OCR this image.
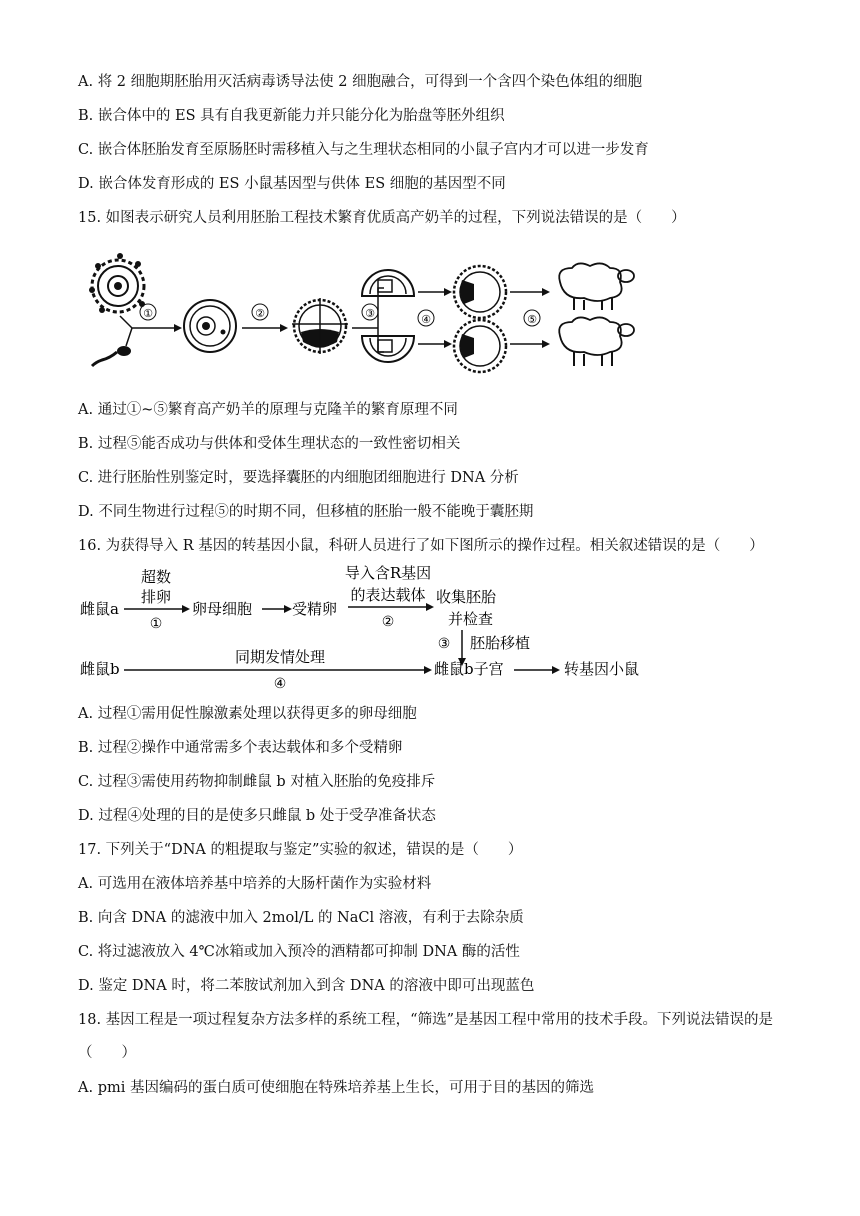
A. 将 2 细胞期胚胎用灭活病毒诱导法使 2 细胞融合，可得到一个含四个染色体组的细胞
B. 嵌合体中的 ES 具有自我更新能力并只能分化为胎盘等胚外组织
C. 嵌合体胚胎发育至原肠胚时需移植入与之生理状态相同的小鼠子宫内才可以进一步发育
D. 嵌合体发育形成的 ES 小鼠基因型与供体 ES 细胞的基因型不同
15. 如图表示研究人员利用胚胎工程技术繁育优质高产奶羊的过程，下列说法错误的是（　　）
①	②	③	④	⑤
A. 通过①~⑤繁育高产奶羊的原理与克隆羊的繁育原理不同
B. 过程⑤能否成功与供体和受体生理状态的一致性密切相关
C. 进行胚胎性别鉴定时，要选择囊胚的内细胞团细胞进行 DNA 分析
D. 不同生物进行过程⑤的时期不同，但移植的胚胎一般不能晚于囊胚期
16. 为获得导入 R 基因的转基因小鼠，科研人员进行了如下图所示的操作过程。相关叙述错误的是（　　）
雌鼠a
超数
排卵
①
卵母细胞	受精卵
导入含R基因
的表达载体
②
收集胚胎
并检查
③ 胚胎移植
雌鼠b
同期发情处理
④
雌鼠b子宫	转基因小鼠
A. 过程①需用促性腺激素处理以获得更多的卵母细胞
B. 过程②操作中通常需多个表达载体和多个受精卵
C. 过程③需使用药物抑制雌鼠 b 对植入胚胎的免疫排斥
D. 过程④处理的目的是使多只雌鼠 b 处于受孕准备状态
17. 下列关于“DNA 的粗提取与鉴定”实验的叙述，错误的是（　　）
A. 可选用在液体培养基中培养的大肠杆菌作为实验材料
B. 向含 DNA 的滤液中加入 2mol/L 的 NaCl 溶液，有利于去除杂质
C. 将过滤液放入 4℃冰箱或加入预冷的酒精都可抑制 DNA 酶的活性
D. 鉴定 DNA 时，将二苯胺试剂加入到含 DNA 的溶液中即可出现蓝色
18. 基因工程是一项过程复杂方法多样的系统工程，“筛选”是基因工程中常用的技术手段。下列说法错误的是（　　）
A. pmi 基因编码的蛋白质可使细胞在特殊培养基上生长，可用于目的基因的筛选
